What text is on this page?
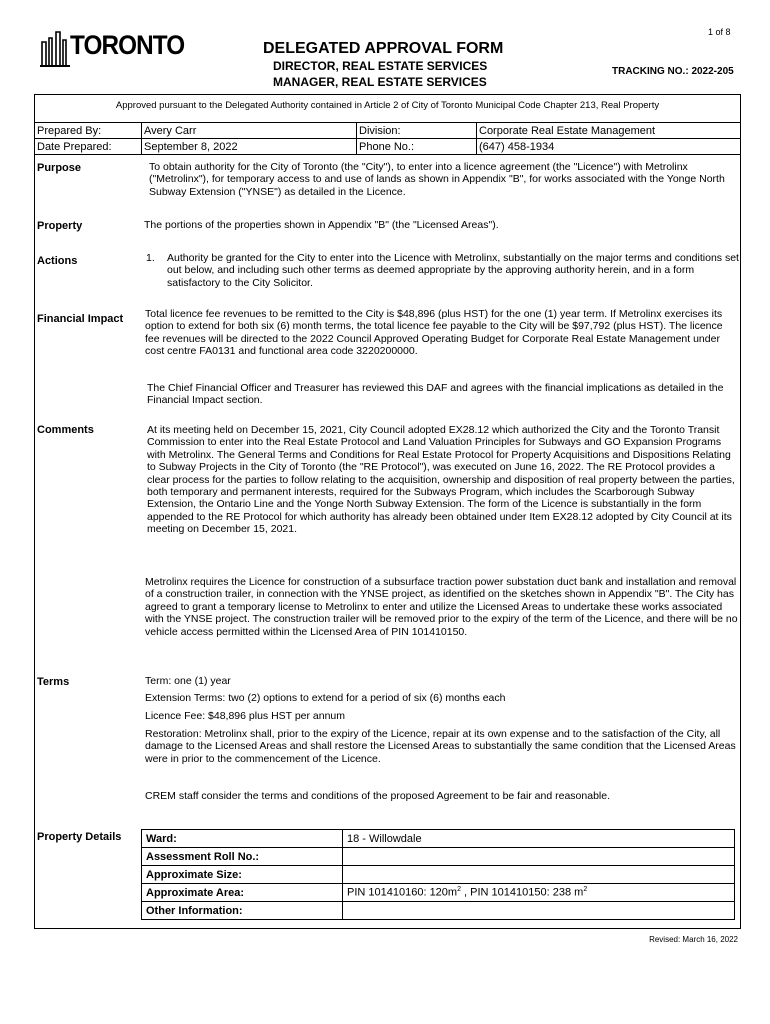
1 of 8
TORONTO	DELEGATED APPROVAL FORM
DIRECTOR, REAL ESTATE SERVICES
MANAGER, REAL ESTATE SERVICES
TRACKING NO.: 2022-205
Approved pursuant to the Delegated Authority contained in Article 2 of City of Toronto Municipal Code Chapter 213, Real Property
Prepared By:	Avery Carr	Division:	Corporate Real Estate Management
Date Prepared:	September 8, 2022	Phone No.:	(647) 458-1934
Purpose	To obtain authority for the City of Toronto (the "City"), to enter into a licence agreement (the "Licence") with Metrolinx ("Metrolinx"), for temporary access to and use of lands as shown in Appendix "B", for works associated with the Yonge North Subway Extension ("YNSE") as detailed in the Licence.
Property	The portions of the properties shown in Appendix "B" (the "Licensed Areas").
Actions	1. Authority be granted for the City to enter into the Licence with Metrolinx, substantially on the major terms and conditions set out below, and including such other terms as deemed appropriate by the approving authority herein, and in a form satisfactory to the City Solicitor.
Financial Impact Total licence fee revenues to be remitted to the City is $48,896 (plus HST) for the one (1) year term. If Metrolinx exercises its option to extend for both six (6) month terms, the total licence fee payable to the City will be $97,792 (plus HST). The licence fee revenues will be directed to the 2022 Council Approved Operating Budget for Corporate Real Estate Management under cost centre FA0131 and functional area code 3220200000.
The Chief Financial Officer and Treasurer has reviewed this DAF and agrees with the financial implications as detailed in the Financial Impact section.
Comments	At its meeting held on December 15, 2021, City Council adopted EX28.12 which authorized the City and the Toronto Transit Commission to enter into the Real Estate Protocol and Land Valuation Principles for Subways and GO Expansion Programs with Metrolinx. The General Terms and Conditions for Real Estate Protocol for Property Acquisitions and Dispositions Relating to Subway Projects in the City of Toronto (the "RE Protocol"), was executed on June 16, 2022. The RE Protocol provides a clear process for the parties to follow relating to the acquisition, ownership and disposition of real property between the parties, both temporary and permanent interests, required for the Subways Program, which includes the Scarborough Subway Extension, the Ontario Line and the Yonge North Subway Extension. The form of the Licence is substantially in the form appended to the RE Protocol for which authority has already been obtained under Item EX28.12 adopted by City Council at its meeting on December 15, 2021.
Metrolinx requires the Licence for construction of a subsurface traction power substation duct bank and installation and removal of a construction trailer, in connection with the YNSE project, as identified on the sketches shown in Appendix "B". The City has agreed to grant a temporary license to Metrolinx to enter and utilize the Licensed Areas to undertake these works associated with the YNSE project. The construction trailer will be removed prior to the expiry of the term of the Licence, and there will be no vehicle access permitted within the Licensed Area of PIN 101410150.
Terms	Term: one (1) year
Extension Terms: two (2) options to extend for a period of six (6) months each
Licence Fee: $48,896 plus HST per annum
Restoration: Metrolinx shall, prior to the expiry of the Licence, repair at its own expense and to the satisfaction of the City, all damage to the Licensed Areas and shall restore the Licensed Areas to substantially the same condition that the Licensed Areas were in prior to the commencement of the Licence.
CREM staff consider the terms and conditions of the proposed Agreement to be fair and reasonable.
Property Details Ward:	18 - Willowdale
Assessment Roll No.:	
Approximate Size:	
Approximate Area:	PIN 101410160: $120m^2$ , PIN 101410150: 238 $m^2$
Other Information:	
Revised: March 16, 2022
